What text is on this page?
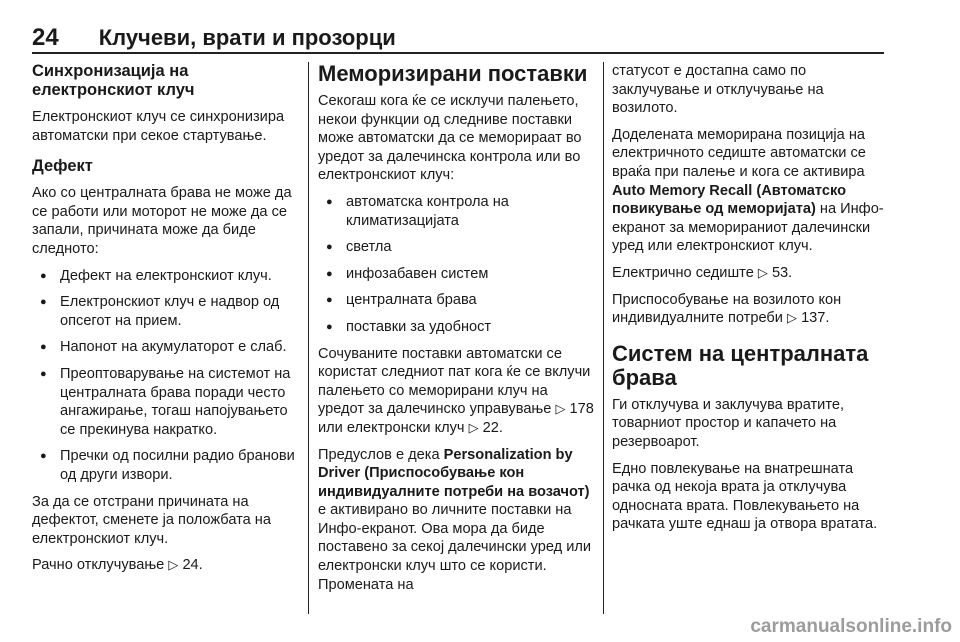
24 Клучеви, врати и прозорци
Синхронизација на електронскиот клуч

Електронскиот клуч се синхронизира автоматски при секое стартување.

Дефект

Ако со централната брава не може да се работи или моторот не може да се запали, причината може да биде следното:

● Дефект на електронскиот клуч.
● Електронскиот клуч е надвор од опсегот на прием.
● Напонот на акумулаторот е слаб.
● Преоптоварување на системот на централната брава поради често ангажирање, тогаш напојувањето се прекинува накратко.
● Пречки од посилни радио бранови од други извори.

За да се отстрани причината на дефектот, сменете ја положбата на електронскиот клуч.

Рачно отклучување ▷ 24.

Меморизирани поставки

Секогаш кога ќе се исклучи палењето, некои функции од следниве поставки може автоматски да се меморираат во уредот за далечинска контрола или во електронскиот клуч:

● автоматска контрола на климатизацијата
● светла
● инфозабавен систем
● централната брава
● поставки за удобност

Сочуваните поставки автоматски се користат следниот пат кога ќе се вклучи палењето со меморирани клуч на уредот за далечинско управување ▷ 178 или електронски клуч ▷ 22.

Предуслов е дека Personalization by Driver (Приспособување кон индивидуалните потреби на возачот) е активирано во личните поставки на Инфо-екранот. Ова мора да биде поставено за секој далечински уред или електронски клуч што се користи. Промената на

статусот е достапна само по заклучување и отклучување на возилото.

Доделената меморирана позиција на електричното седиште автоматски се враќа при палење и кога се активира Auto Memory Recall (Автоматско повикување од меморијата) на Инфо-екранот за меморираниот далечински уред или електронскиот клуч.

Електрично седиште ▷ 53.

Приспособување на возилото кон индивидуалните потреби ▷ 137.

Систем на централната брава

Ги отклучува и заклучува вратите, товарниот простор и капачето на резервоарот.

Едно повлекување на внатрешната рачка од некоја врата ја отклучува односната врата. Повлекувањето на рачката уште еднаш ја отвора вратата.

carmanualsonline.info
